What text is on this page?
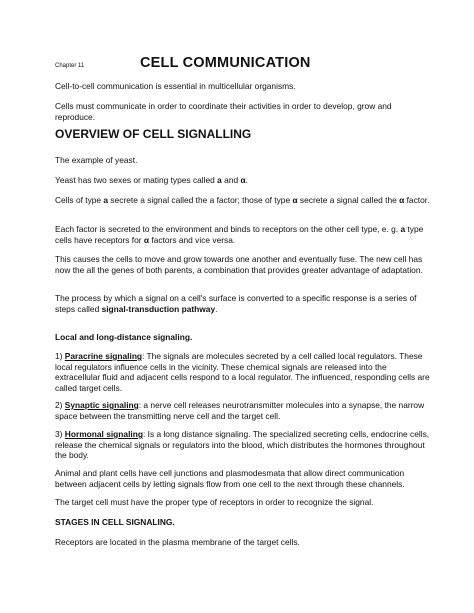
Chapter 11	CELL COMMUNICATION

Cell-to-cell communication is essential in multicellular organisms.

Cells must communicate in order to coordinate their activities in order to develop, grow and reproduce.

OVERVIEW OF CELL SIGNALLING

The example of yeast.

Yeast has two sexes or mating types called a and α.

Cells of type a secrete a signal called the a factor; those of type α secrete a signal called the α factor.

Each factor is secreted to the environment and binds to receptors on the other cell type, e. g. a type cells have receptors for α factors and vice versa.

This causes the cells to move and grow towards one another and eventually fuse. The new cell has now the all the genes of both parents, a combination that provides greater advantage of adaptation.

The process by which a signal on a cell's surface is converted to a specific response is a series of steps called signal-transduction pathway.

Local and long-distance signaling.

1) Paracrine signaling: The signals are molecules secreted by a cell called local regulators. These local regulators influence cells in the vicinity. These chemical signals are released into the extracellular fluid and adjacent cells respond to a local regulator. The influenced, responding cells are called target cells.

2) Synaptic signaling: a nerve cell releases neurotransmitter molecules into a synapse, the narrow space between the transmitting nerve cell and the target cell.

3) Hormonal signaling: Is a long distance signaling. The specialized secreting cells, endocrine cells, release the chemical signals or regulators into the blood, which distributes the hormones throughout the body.

Animal and plant cells have cell junctions and plasmodesmata that allow direct communication between adjacent cells by letting signals flow from one cell to the next through these channels.

The target cell must have the proper type of receptors in order to recognize the signal.

STAGES IN CELL SIGNALING.

Receptors are located in the plasma membrane of the target cells.
